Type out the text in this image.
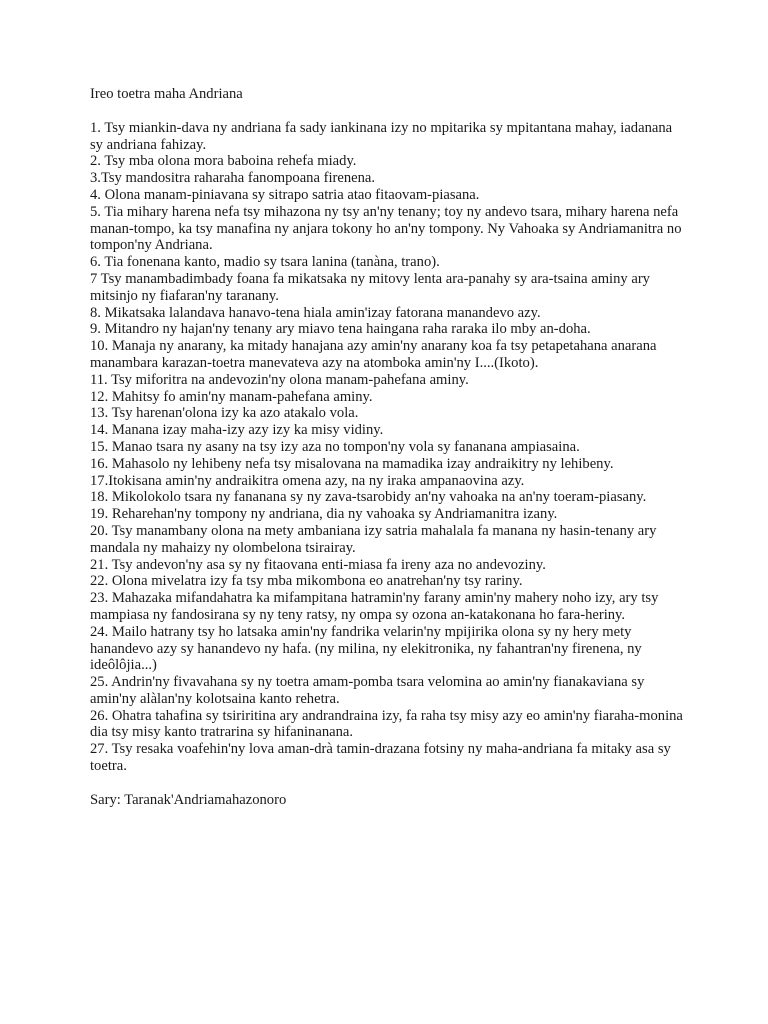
Ireo toetra maha Andriana
1. Tsy miankin-dava ny andriana fa sady iankinana izy no mpitarika sy mpitantana mahay, iadanana sy andriana fahizay.
2. Tsy mba olona mora baboina rehefa miady.
3.Tsy mandositra raharaha fanompoana firenena.
4. Olona manam-piniavana sy sitrapo satria atao fitaovam-piasana.
5. Tia mihary harena nefa tsy mihazona ny tsy an'ny tenany; toy ny andevo tsara, mihary harena nefa manan-tompo, ka tsy manafina ny anjara tokony ho an'ny tompony. Ny Vahoaka sy Andriamanitra no tompon'ny Andriana.
6. Tia fonenana kanto, madio sy tsara lanina (tanàna, trano).
7 Tsy manambadimbady foana fa mikatsaka ny mitovy lenta ara-panahy sy ara-tsaina aminy ary mitsinjo ny fiafaran'ny taranany.
8. Mikatsaka lalandava hanavo-tena hiala amin'izay fatorana manandevo azy.
9. Mitandro ny hajan'ny tenany ary miavo tena haingana raha raraka ilo mby an-doha.
10. Manaja ny anarany, ka mitady hanajana azy amin'ny anarany koa fa tsy petapetahana anarana manambara karazan-toetra manevateva azy na atomboka amin'ny I....(Ikoto).
11. Tsy miforitra na andevozin'ny olona manam-pahefana aminy.
12. Mahitsy fo amin'ny manam-pahefana aminy.
13. Tsy harenan'olona izy ka azo atakalo vola.
14. Manana izay maha-izy azy izy ka misy vidiny.
15. Manao tsara ny asany na tsy izy aza no tompon'ny vola sy fananana ampiasaina.
16. Mahasolo ny lehibeny nefa tsy misalovana na mamadika izay andraikitry ny lehibeny.
17.Itokisana amin'ny andraikitra omena azy, na ny iraka ampanaovina azy.
18. Mikolokolo tsara ny fananana sy ny zava-tsarobidy an'ny vahoaka na an'ny toeram-piasany.
19. Reharehan'ny tompony ny andriana, dia ny vahoaka sy Andriamanitra izany.
20. Tsy manambany olona na mety ambaniana izy satria mahalala fa manana ny hasin-tenany ary mandala ny mahaizy ny olombelona tsirairay.
21. Tsy andevon'ny asa sy ny fitaovana enti-miasa fa ireny aza no andevoziny.
22. Olona mivelatra izy fa tsy mba mikombona eo anatrehan'ny tsy rariny.
23. Mahazaka mifandahatra ka mifampitana hatramin'ny farany amin'ny mahery noho izy, ary tsy mampiasa ny fandosirana sy ny teny ratsy, ny ompa sy ozona an-katakonana ho fara-heriny.
24. Mailo hatrany tsy ho latsaka amin'ny fandrika velarin'ny mpijirika olona sy ny hery mety hanandevo azy sy hanandevo ny hafa. (ny milina, ny elekitronika, ny fahantran'ny firenena, ny ideôlôjia...)
25. Andrin'ny fivavahana sy ny toetra amam-pomba tsara velomina ao amin'ny fianakaviana sy amin'ny alàlan'ny kolotsaina kanto rehetra.
26. Ohatra tahafina sy tsiriritina ary andrandraina izy, fa raha tsy misy azy eo amin'ny fiaraha-monina dia tsy misy kanto tratrarina sy hifaninanana.
27. Tsy resaka voafehin'ny lova aman-drà tamin-drazana fotsiny ny maha-andriana fa mitaky asa sy toetra.
Sary: Taranak'Andriamahazonoro
